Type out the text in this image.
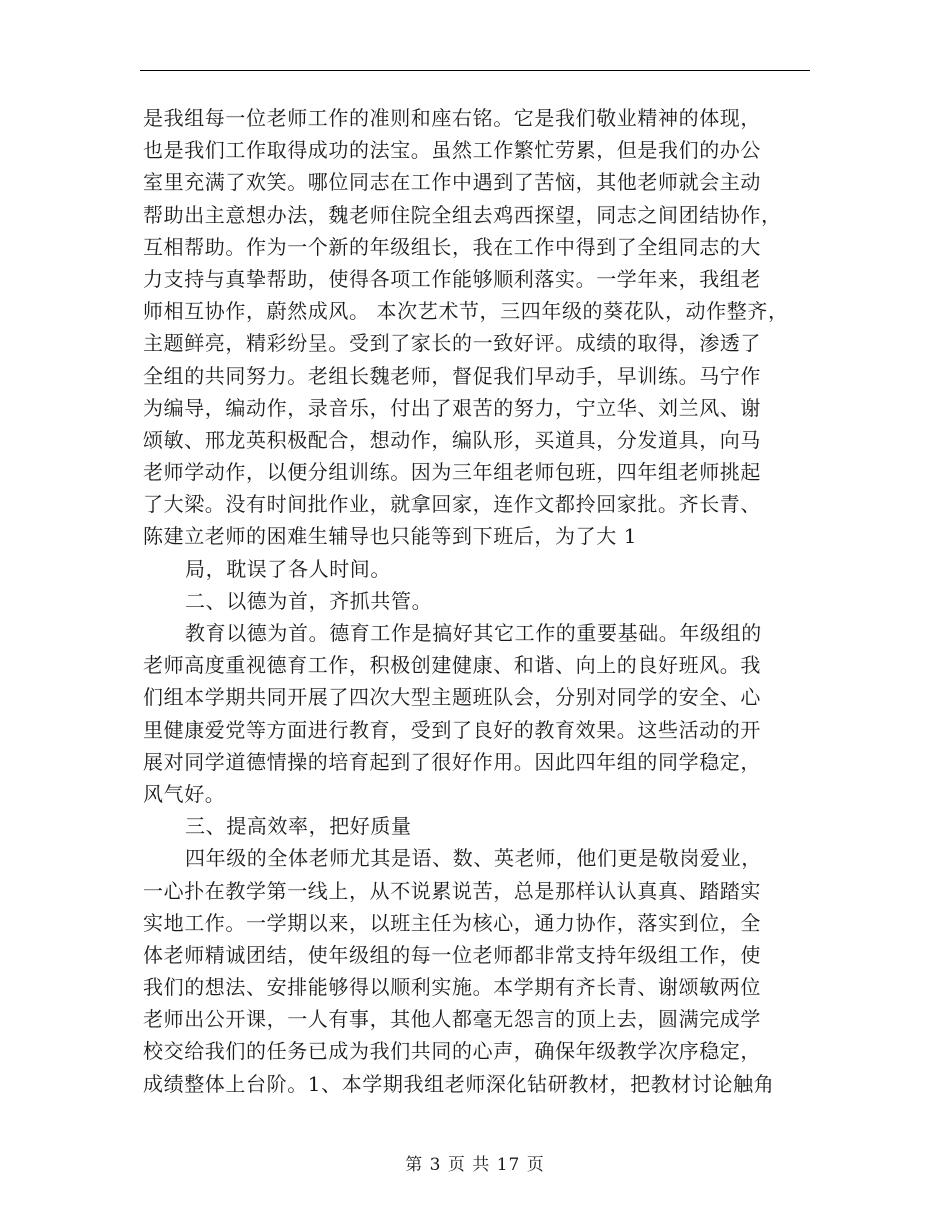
是我组每一位老师工作的准则和座右铭。它是我们敬业精神的体现，
也是我们工作取得成功的法宝。虽然工作繁忙劳累，但是我们的办公
室里充满了欢笑。哪位同志在工作中遇到了苦恼，其他老师就会主动
帮助出主意想办法，魏老师住院全组去鸡西探望，同志之间团结协作，
互相帮助。作为一个新的年级组长，我在工作中得到了全组同志的大
力支持与真挚帮助，使得各项工作能够顺利落实。一学年来，我组老
师相互协作，蔚然成风。 本次艺术节，三四年级的葵花队，动作整齐，
主题鲜亮，精彩纷呈。受到了家长的一致好评。成绩的取得，渗透了
全组的共同努力。老组长魏老师，督促我们早动手，早训练。马宁作
为编导，编动作，录音乐，付出了艰苦的努力，宁立华、刘兰风、谢
颂敏、邢龙英积极配合，想动作，编队形，买道具，分发道具，向马
老师学动作，以便分组训练。因为三年组老师包班，四年组老师挑起
了大梁。没有时间批作业，就拿回家，连作文都拎回家批。齐长青、
陈建立老师的困难生辅导也只能等到下班后，为了大 1
局，耽误了各人时间。
二、以德为首，齐抓共管。
教育以德为首。德育工作是搞好其它工作的重要基础。年级组的
老师高度重视德育工作，积极创建健康、和谐、向上的良好班风。我
们组本学期共同开展了四次大型主题班队会，分别对同学的安全、心
里健康爱党等方面进行教育，受到了良好的教育效果。这些活动的开
展对同学道德情操的培育起到了很好作用。因此四年组的同学稳定，
风气好。
三、提高效率，把好质量
四年级的全体老师尤其是语、数、英老师，他们更是敬岗爱业，
一心扑在教学第一线上，从不说累说苦，总是那样认认真真、踏踏实
实地工作。一学期以来，以班主任为核心，通力协作，落实到位，全
体老师精诚团结，使年级组的每一位老师都非常支持年级组工作，使
我们的想法、安排能够得以顺利实施。本学期有齐长青、谢颂敏两位
老师出公开课，一人有事，其他人都毫无怨言的顶上去，圆满完成学
校交给我们的任务已成为我们共同的心声，确保年级教学次序稳定，
成绩整体上台阶。1、本学期我组老师深化钻研教材，把教材讨论触角
第 3 页 共 17 页
